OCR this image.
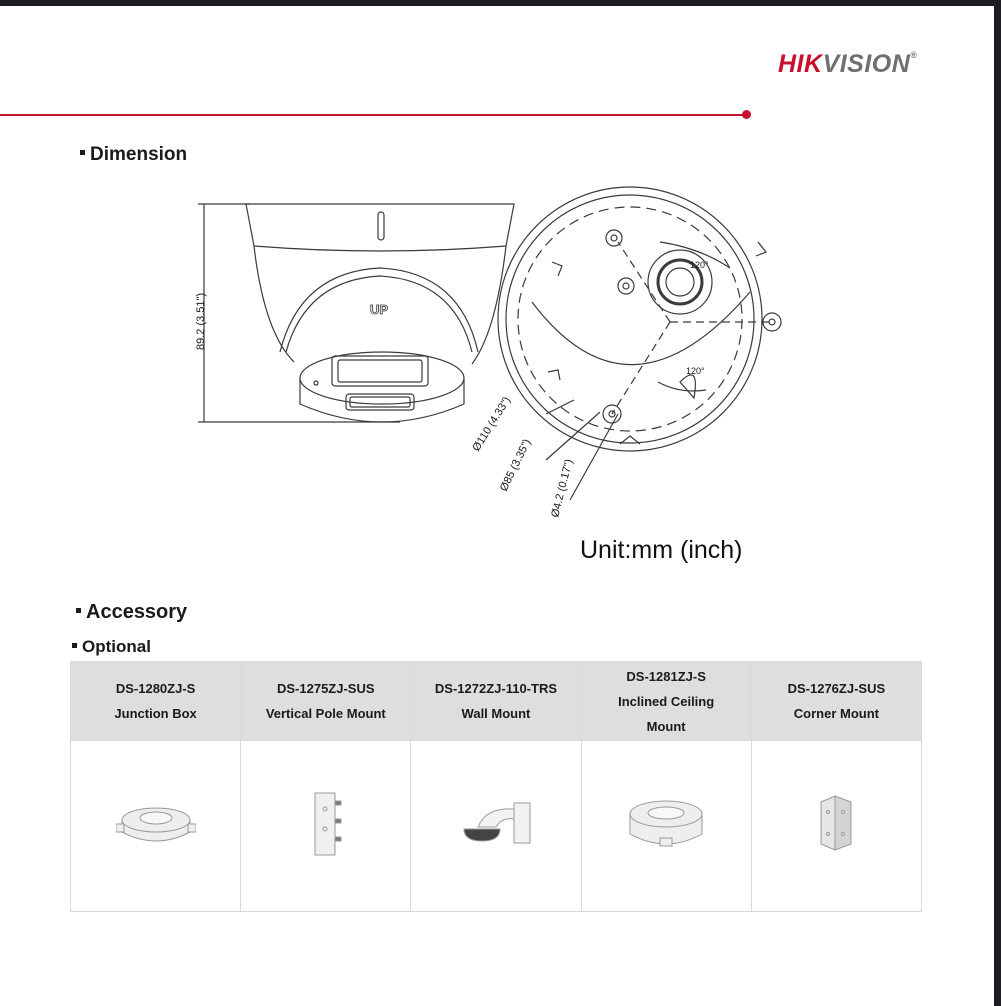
HIKVISION®
Dimension
UP
89.2 (3.51")
120°
120°
Ø110 (4.33")
Ø85 (3.35") Ø4.2 (0.17")
Unit:mm (inch)
Accessory
Optional
DS-1280ZJ-S
Junction Box	DS-1275ZJ-SUS
Vertical Pole Mount	DS-1272ZJ-110-TRS
Wall Mount	DS-1281ZJ-S
Inclined Ceiling
Mount	DS-1276ZJ-SUS
Corner Mount
